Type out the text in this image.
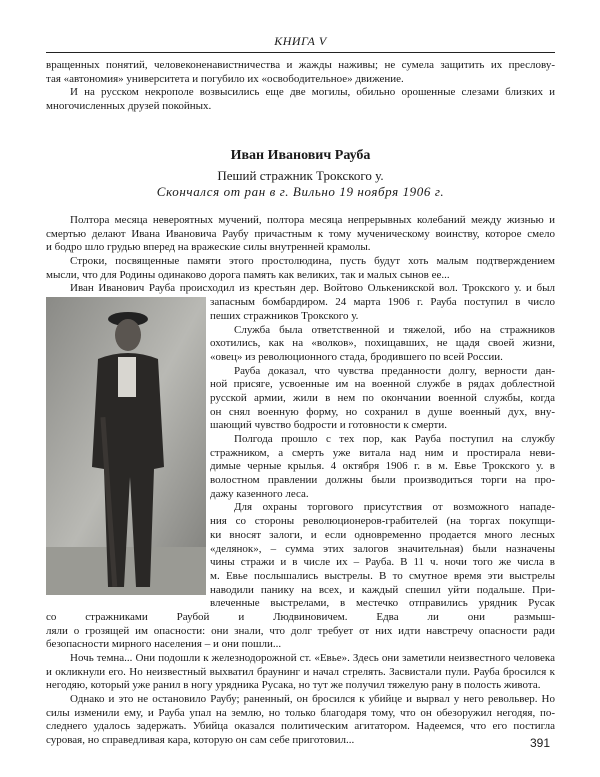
КНИГА V
вращенных понятий, человеконенавистничества и жажды наживы; не сумела защитить их преслову-
тая «автономия» университета и погубило их «освободительное» движение.
И на русском некрополе возвысились еще две могилы, обильно орошенные слезами близких и
многочисленных друзей покойных.
Иван Иванович Рауба
Пеший стражник Трокского у.
Скончался от ран в г. Вильно 19 ноября 1906 г.
Полтора месяца невероятных мучений, полтора месяца непрерывных колебаний между жизнью и
смертью делают Ивана Ивановича Раубу причастным к тому мученическому воинству, которое смело
и бодро шло грудью вперед на вражеские силы внутренней крамолы.
Строки, посвященные памяти этого простолюдина, пусть будут хоть малым подтверждением
мысли, что для Родины одинаково дорога память как великих, так и малых сынов ее...
Иван Иванович Рауба происходил из крестьян дер. Войтово Ольκеникской вол. Трокского у. и был
запасным бомбардиром. 24 марта 1906 г. Рауба поступил в число
пеших стражников Трокского у.
Служба была ответственной и тяжелой, ибо на стражников
охотились, как на «волков», похищавших, не щадя своей жизни,
«овец» из революционного стада, бродившего по всей России.
Рауба доказал, что чувства преданности долгу, верности дан-
ной присяге, усвоенные им на военной службе в рядах доблестной
русской армии, жили в нем по окончании военной службы, когда
он снял военную форму, но сохранил в душе военный дух, вну-
шающий чувство бодрости и готовности к смерти.
Полгода прошло с тех пор, как Рауба поступил на службу
стражником, а смерть уже витала над ним и простирала неви-
димые черные крылья. 4 октября 1906 г. в м. Евье Трокского у. в
волостном правлении должны были производиться торги на про-
дажу казенного леса.
Для охраны торгового присутствия от возможного нападе-
ния со стороны революционеров-грабителей (на торгах покупщи-
ки вносят залоги, и если одновременно продается много лесных
«делянок», – сумма этих залогов значительная) были назначены
чины стражи и в числе их – Рауба. В 11 ч. ночи того же числа в
м. Евье послышались выстрелы. В то смутное время эти выстрелы
наводили панику на всех, и каждый спешил уйти подальше. При-
влеченные выстрелами, в местечко отправились урядник Русак
со стражниками Раубой и Людвиновичем. Едва ли они размыш-
ляли о грозящей им опасности: они знали, что долг требует от них идти навстречу опасности ради
безопасности мирного населения – и они пошли...
Ночь темна... Они подошли к железнодорожной ст. «Евье». Здесь они заметили неизвестного человека
и окликнули его. Но неизвестный выхватил браунинг и начал стрелять. Засвистали пули. Рауба бросился к
негодяю, который уже ранил в ногу урядника Русака, но тут же получил тяжелую рану в полость живота.
Однако и это не остановило Раубу; раненный, он бросился к убийце и вырвал у него револьвер. Но
силы изменили ему, и Рауба упал на землю, но только благодаря тому, что он обезоружил негодяя, по-
следнего удалось задержать. Убийца оказался политическим агитатором. Надеемся, что его постигла
суровая, но справедливая кара, которую он сам себе приготовил...	391
